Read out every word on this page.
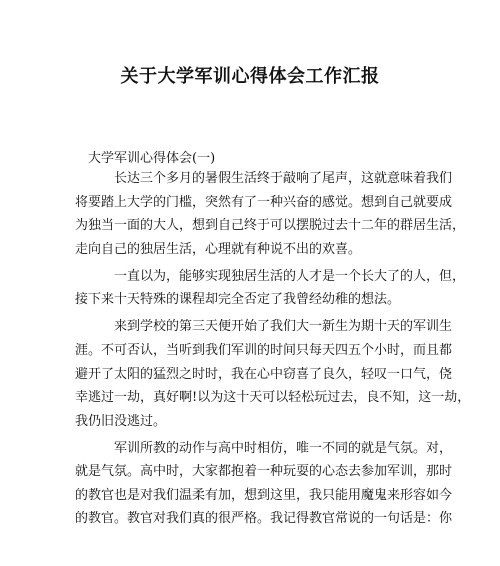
关于大学军训心得体会工作汇报

大学军训心得体会(一)

长达三个多月的暑假生活终于敲响了尾声，这就意味着我们
将要踏上大学的门槛，突然有了一种兴奋的感觉。想到自己就要成
为独当一面的大人，想到自己终于可以摆脱过去十二年的群居生活，
走向自己的独居生活，心理就有种说不出的欢喜。
一直以为，能够实现独居生活的人才是一个长大了的人，但，
接下来十天特殊的课程却完全否定了我曾经幼稚的想法。
来到学校的第三天便开始了我们大一新生为期十天的军训生
涯。不可否认，当听到我们军训的时间只每天四五个小时，而且都
避开了太阳的猛烈之时时，我在心中窃喜了良久，轻叹一口气，侥
幸逃过一劫，真好啊!以为这十天可以轻松玩过去，良不知，这一劫，
我仍旧没逃过。
军训所教的动作与高中时相仿，唯一不同的就是气氛。对，
就是气氛。高中时，大家都抱着一种玩耍的心态去参加军训，那时
的教官也是对我们温柔有加，想到这里，我只能用魔鬼来形容如今
的教官。教官对我们真的很严格。我记得教官常说的一句话是：你
